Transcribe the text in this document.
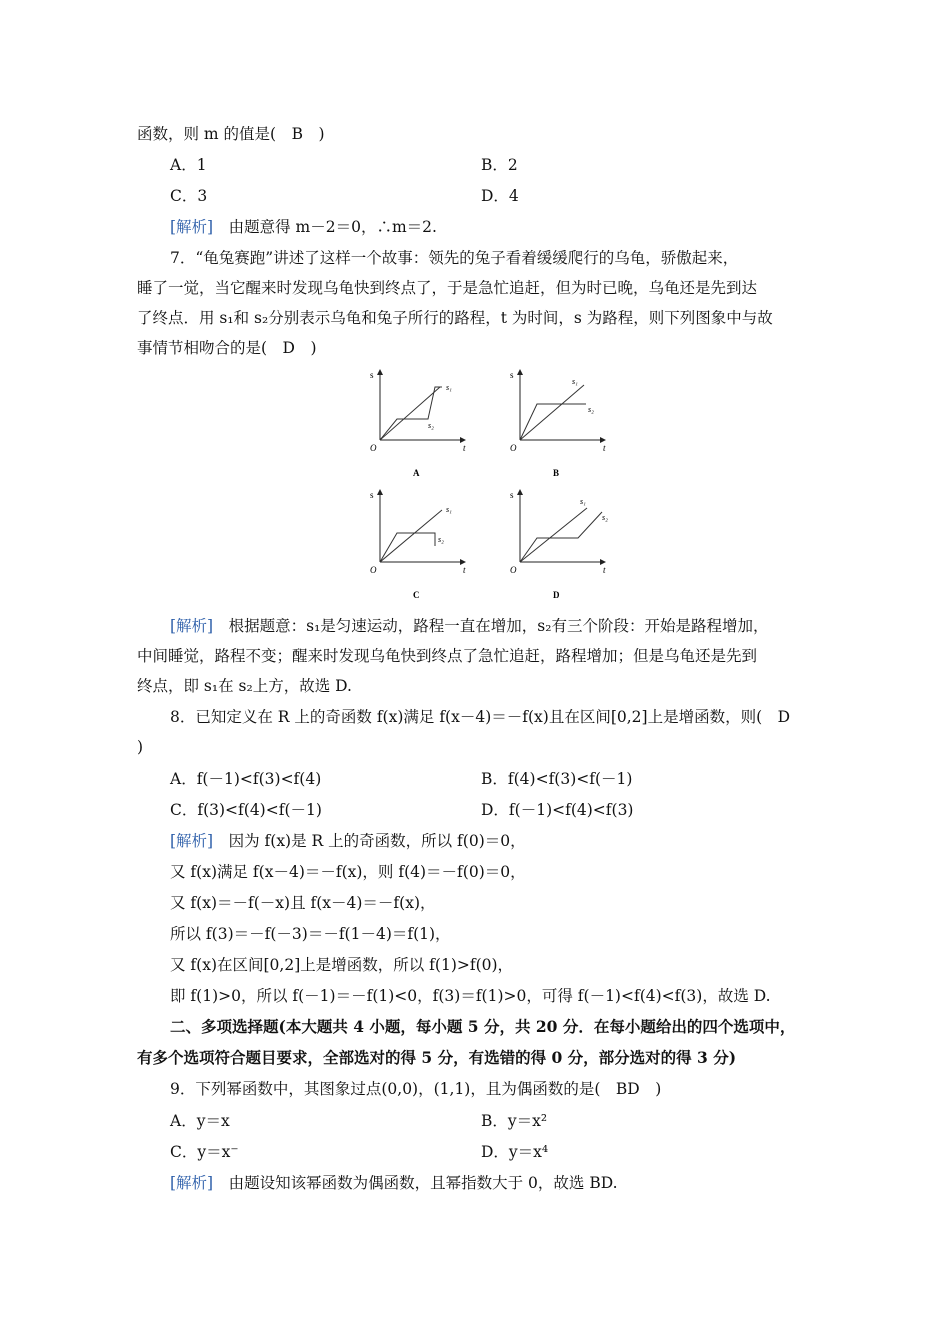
函数，则 m 的值是(　B　)
A．1	B．2
C．3	D．4
[解析]　由题意得 m－2＝0，∴m＝2.
7．“龟兔赛跑”讲述了这样一个故事：领先的兔子看着缓缓爬行的乌龟，骄傲起来，
睡了一觉，当它醒来时发现乌龟快到终点了，于是急忙追赶，但为时已晚，乌龟还是先到达
了终点．用 s₁和 s₂分别表示乌龟和兔子所行的路程，t 为时间，s 为路程，则下列图象中与故
事情节相吻合的是(　D　)
s
t
O
s₁
s₂
A
s
t
O
s₁
s₂
B
s
t
O
s₁
s₂
C
s
t
O
s₁
s₂
D
[解析]　根据题意：s₁是匀速运动，路程一直在增加，s₂有三个阶段：开始是路程增加，
中间睡觉，路程不变；醒来时发现乌龟快到终点了急忙追赶，路程增加；但是乌龟还是先到
终点，即 s₁在 s₂上方，故选 D.
8．已知定义在 R 上的奇函数 f(x)满足 f(x－4)＝－f(x)且在区间[0,2]上是增函数，则(　D
)
A．f(－1)<f(3)<f(4)	B．f(4)<f(3)<f(－1)
C．f(3)<f(4)<f(－1)	D．f(－1)<f(4)<f(3)
[解析]　因为 f(x)是 R 上的奇函数，所以 f(0)＝0，
又 f(x)满足 f(x－4)＝－f(x)，则 f(4)＝－f(0)＝0，
又 f(x)＝－f(－x)且 f(x－4)＝－f(x)，
所以 f(3)＝－f(－3)＝－f(1－4)＝f(1)，
又 f(x)在区间[0,2]上是增函数，所以 f(1)>f(0)，
即 f(1)>0，所以 f(－1)＝－f(1)<0，f(3)＝f(1)>0，可得 f(－1)<f(4)<f(3)，故选 D.
二、多项选择题(本大题共 4 小题，每小题 5 分，共 20 分．在每小题给出的四个选项中，
有多个选项符合题目要求，全部选对的得 5 分，有选错的得 0 分，部分选对的得 3 分)
9．下列幂函数中，其图象过点(0,0)，(1,1)，且为偶函数的是(　BD　)
A．y＝x	B．y＝x²
C．y＝x⁻	D．y＝x⁴
[解析]　由题设知该幂函数为偶函数，且幂指数大于 0，故选 BD.
